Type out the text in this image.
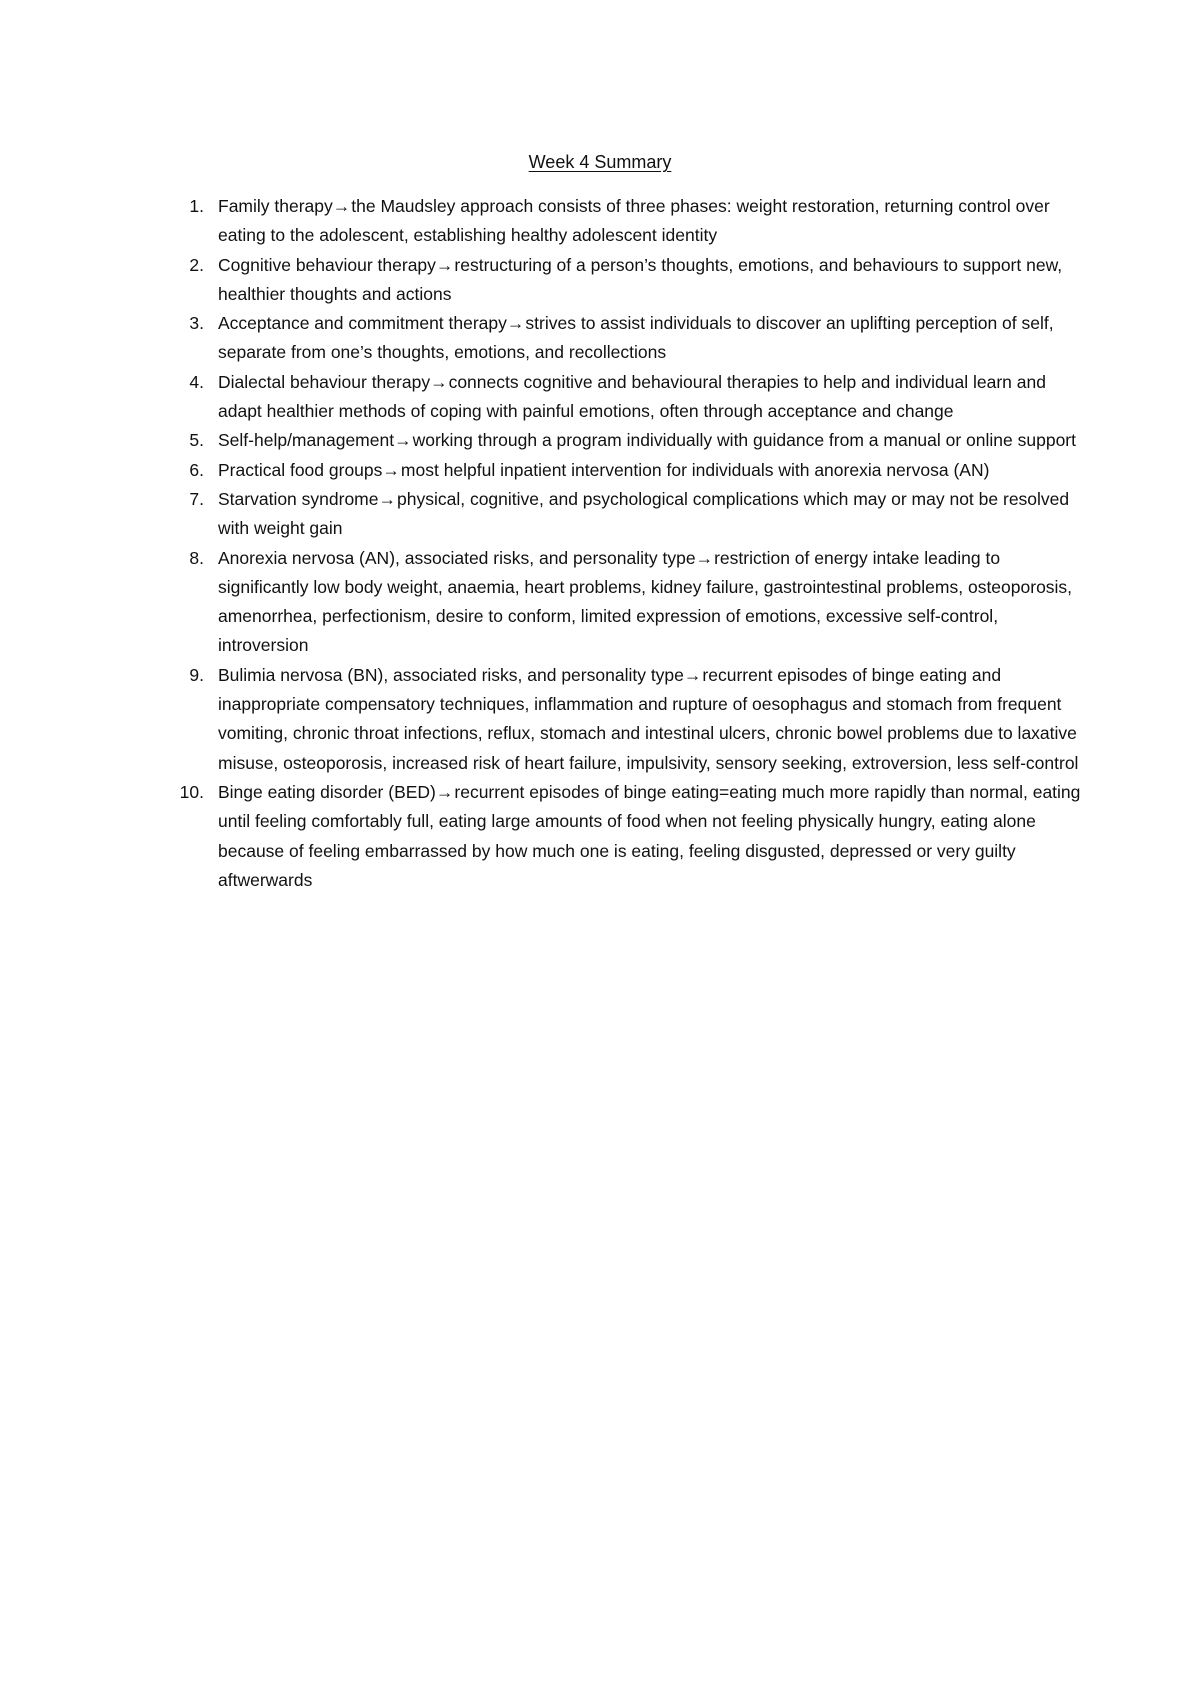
Week 4 Summary
1. Family therapy→the Maudsley approach consists of three phases: weight restoration, returning control over eating to the adolescent, establishing healthy adolescent identity
2. Cognitive behaviour therapy→restructuring of a person’s thoughts, emotions, and behaviours to support new, healthier thoughts and actions
3. Acceptance and commitment therapy→strives to assist individuals to discover an uplifting perception of self, separate from one’s thoughts, emotions, and recollections
4. Dialectal behaviour therapy→connects cognitive and behavioural therapies to help and individual learn and adapt healthier methods of coping with painful emotions, often through acceptance and change
5. Self-help/management→working through a program individually with guidance from a manual or online support
6. Practical food groups→most helpful inpatient intervention for individuals with anorexia nervosa (AN)
7. Starvation syndrome→physical, cognitive, and psychological complications which may or may not be resolved with weight gain
8. Anorexia nervosa (AN), associated risks, and personality type→restriction of energy intake leading to significantly low body weight, anaemia, heart problems, kidney failure, gastrointestinal problems, osteoporosis, amenorrhea, perfectionism, desire to conform, limited expression of emotions, excessive self-control, introversion
9. Bulimia nervosa (BN), associated risks, and personality type→recurrent episodes of binge eating and inappropriate compensatory techniques, inflammation and rupture of oesophagus and stomach from frequent vomiting, chronic throat infections, reflux, stomach and intestinal ulcers, chronic bowel problems due to laxative misuse, osteoporosis, increased risk of heart failure, impulsivity, sensory seeking, extroversion, less self-control
10. Binge eating disorder (BED)→recurrent episodes of binge eating=eating much more rapidly than normal, eating until feeling comfortably full, eating large amounts of food when not feeling physically hungry, eating alone because of feeling embarrassed by how much one is eating, feeling disgusted, depressed or very guilty aftwerwards
